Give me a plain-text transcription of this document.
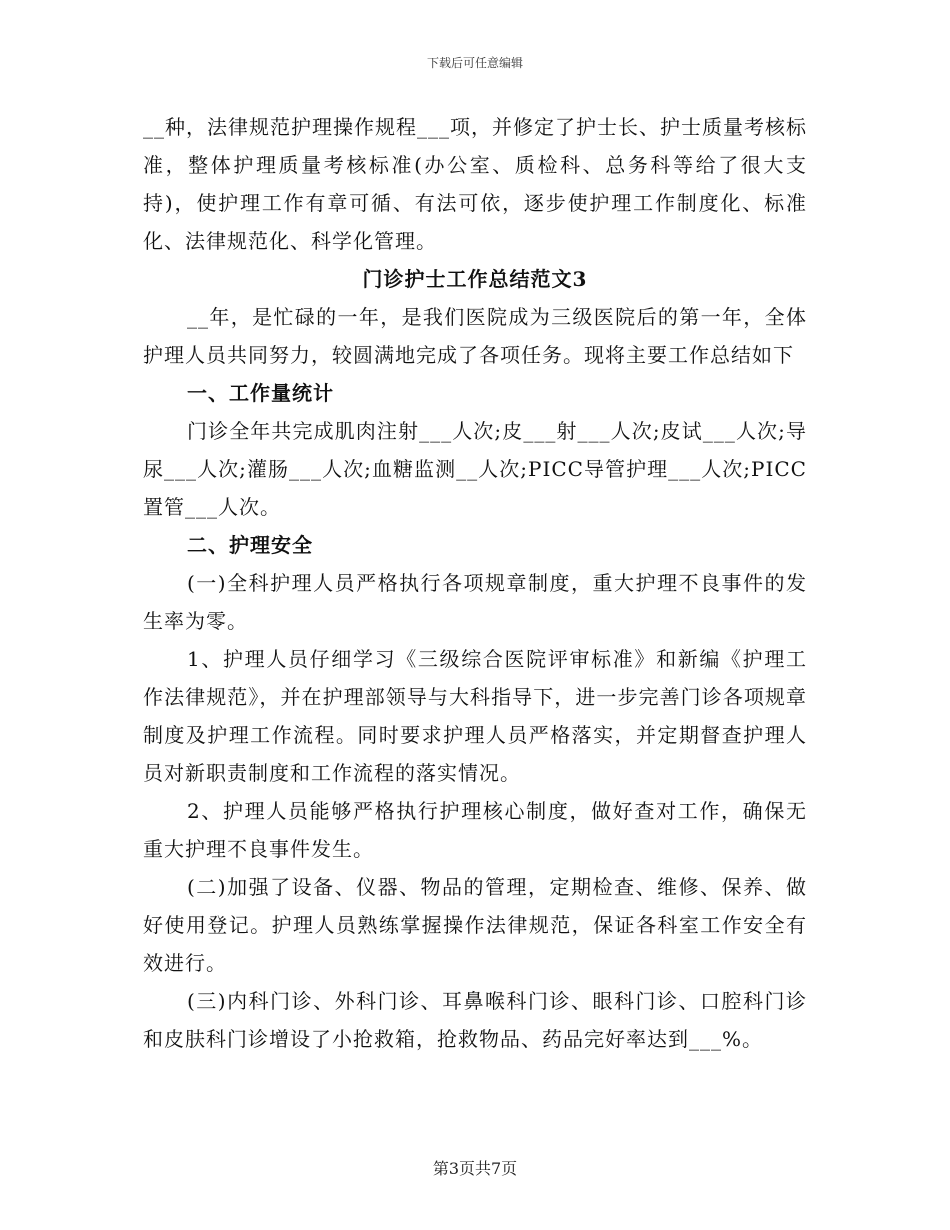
下载后可任意编辑

__种，法律规范护理操作规程___项，并修定了护士长、护士质量考核标准，整体护理质量考核标准(办公室、质检科、总务科等给了很大支持)，使护理工作有章可循、有法可依，逐步使护理工作制度化、标准化、法律规范化、科学化管理。

门诊护士工作总结范文3

__年，是忙碌的一年，是我们医院成为三级医院后的第一年，全体护理人员共同努力，较圆满地完成了各项任务。现将主要工作总结如下

一、工作量统计

门诊全年共完成肌肉注射___人次;皮___射___人次;皮试___人次;导尿___人次;灌肠___人次;血糖监测__人次;PICC导管护理___人次;PICC置管___人次。

二、护理安全

(一)全科护理人员严格执行各项规章制度，重大护理不良事件的发生率为零。

1、护理人员仔细学习《三级综合医院评审标准》和新编《护理工作法律规范》，并在护理部领导与大科指导下，进一步完善门诊各项规章制度及护理工作流程。同时要求护理人员严格落实，并定期督查护理人员对新职责制度和工作流程的落实情况。

2、护理人员能够严格执行护理核心制度，做好查对工作，确保无重大护理不良事件发生。

(二)加强了设备、仪器、物品的管理，定期检查、维修、保养、做好使用登记。护理人员熟练掌握操作法律规范，保证各科室工作安全有效进行。

(三)内科门诊、外科门诊、耳鼻喉科门诊、眼科门诊、口腔科门诊和皮肤科门诊增设了小抢救箱，抢救物品、药品完好率达到___%。

第3页共7页
